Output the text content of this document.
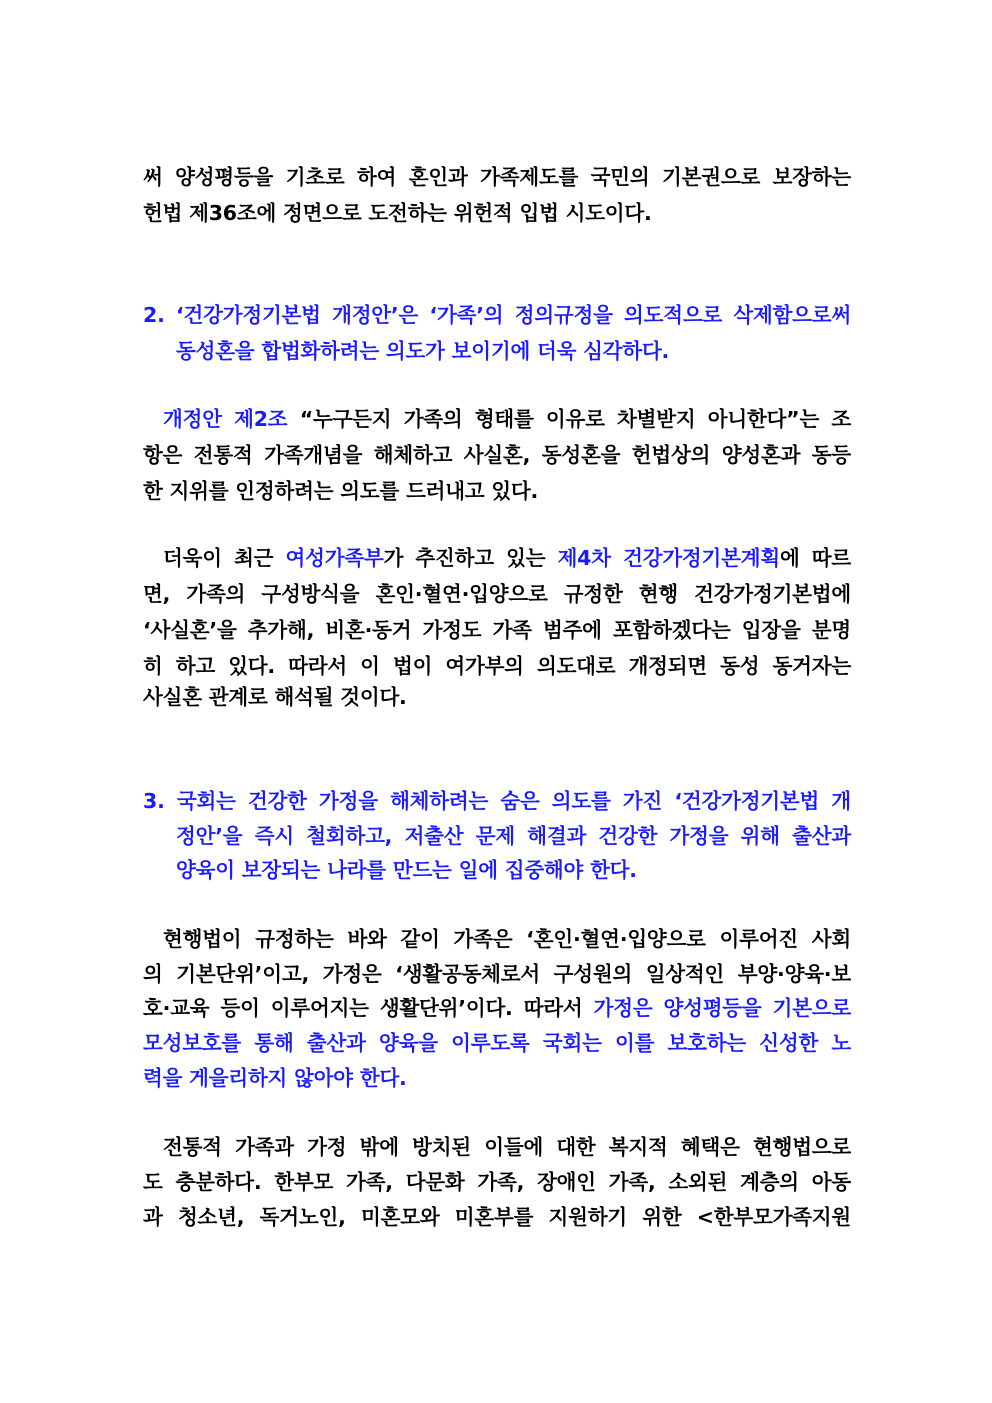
써 양성평등을 기초로 하여 혼인과 가족제도를 국민의 기본권으로 보장하는
헌법 제36조에 정면으로 도전하는 위헌적 입법 시도이다.
2. ‘건강가정기본법 개정안’은 ‘가족’의 정의규정을 의도적으로 삭제함으로써
동성혼을 합법화하려는 의도가 보이기에 더욱 심각하다.
개정안 제2조 “누구든지 가족의 형태를 이유로 차별받지 아니한다”는 조
항은 전통적 가족개념을 해체하고 사실혼, 동성혼을 헌법상의 양성혼과 동등
한 지위를 인정하려는 의도를 드러내고 있다.
더욱이 최근 여성가족부가 추진하고 있는 제4차 건강가정기본계획에 따르
면, 가족의 구성방식을 혼인·혈연·입양으로 규정한 현행 건강가정기본법에
‘사실혼’을 추가해, 비혼·동거 가정도 가족 범주에 포함하겠다는 입장을 분명
히 하고 있다. 따라서 이 법이 여가부의 의도대로 개정되면 동성 동거자는
사실혼 관계로 해석될 것이다.
3. 국회는 건강한 가정을 해체하려는 숨은 의도를 가진 ‘건강가정기본법 개
정안’을 즉시 철회하고, 저출산 문제 해결과 건강한 가정을 위해 출산과
양육이 보장되는 나라를 만드는 일에 집중해야 한다.
현행법이 규정하는 바와 같이 가족은 ‘혼인·혈연·입양으로 이루어진 사회
의 기본단위’이고, 가정은 ‘생활공동체로서 구성원의 일상적인 부양·양육·보
호·교육 등이 이루어지는 생활단위’이다. 따라서 가정은 양성평등을 기본으로
모성보호를 통해 출산과 양육을 이루도록 국회는 이를 보호하는 신성한 노
력을 게을리하지 않아야 한다.
전통적 가족과 가정 밖에 방치된 이들에 대한 복지적 혜택은 현행법으로
도 충분하다. 한부모 가족, 다문화 가족, 장애인 가족, 소외된 계층의 아동
과 청소년, 독거노인, 미혼모와 미혼부를 지원하기 위한 <한부모가족지원
